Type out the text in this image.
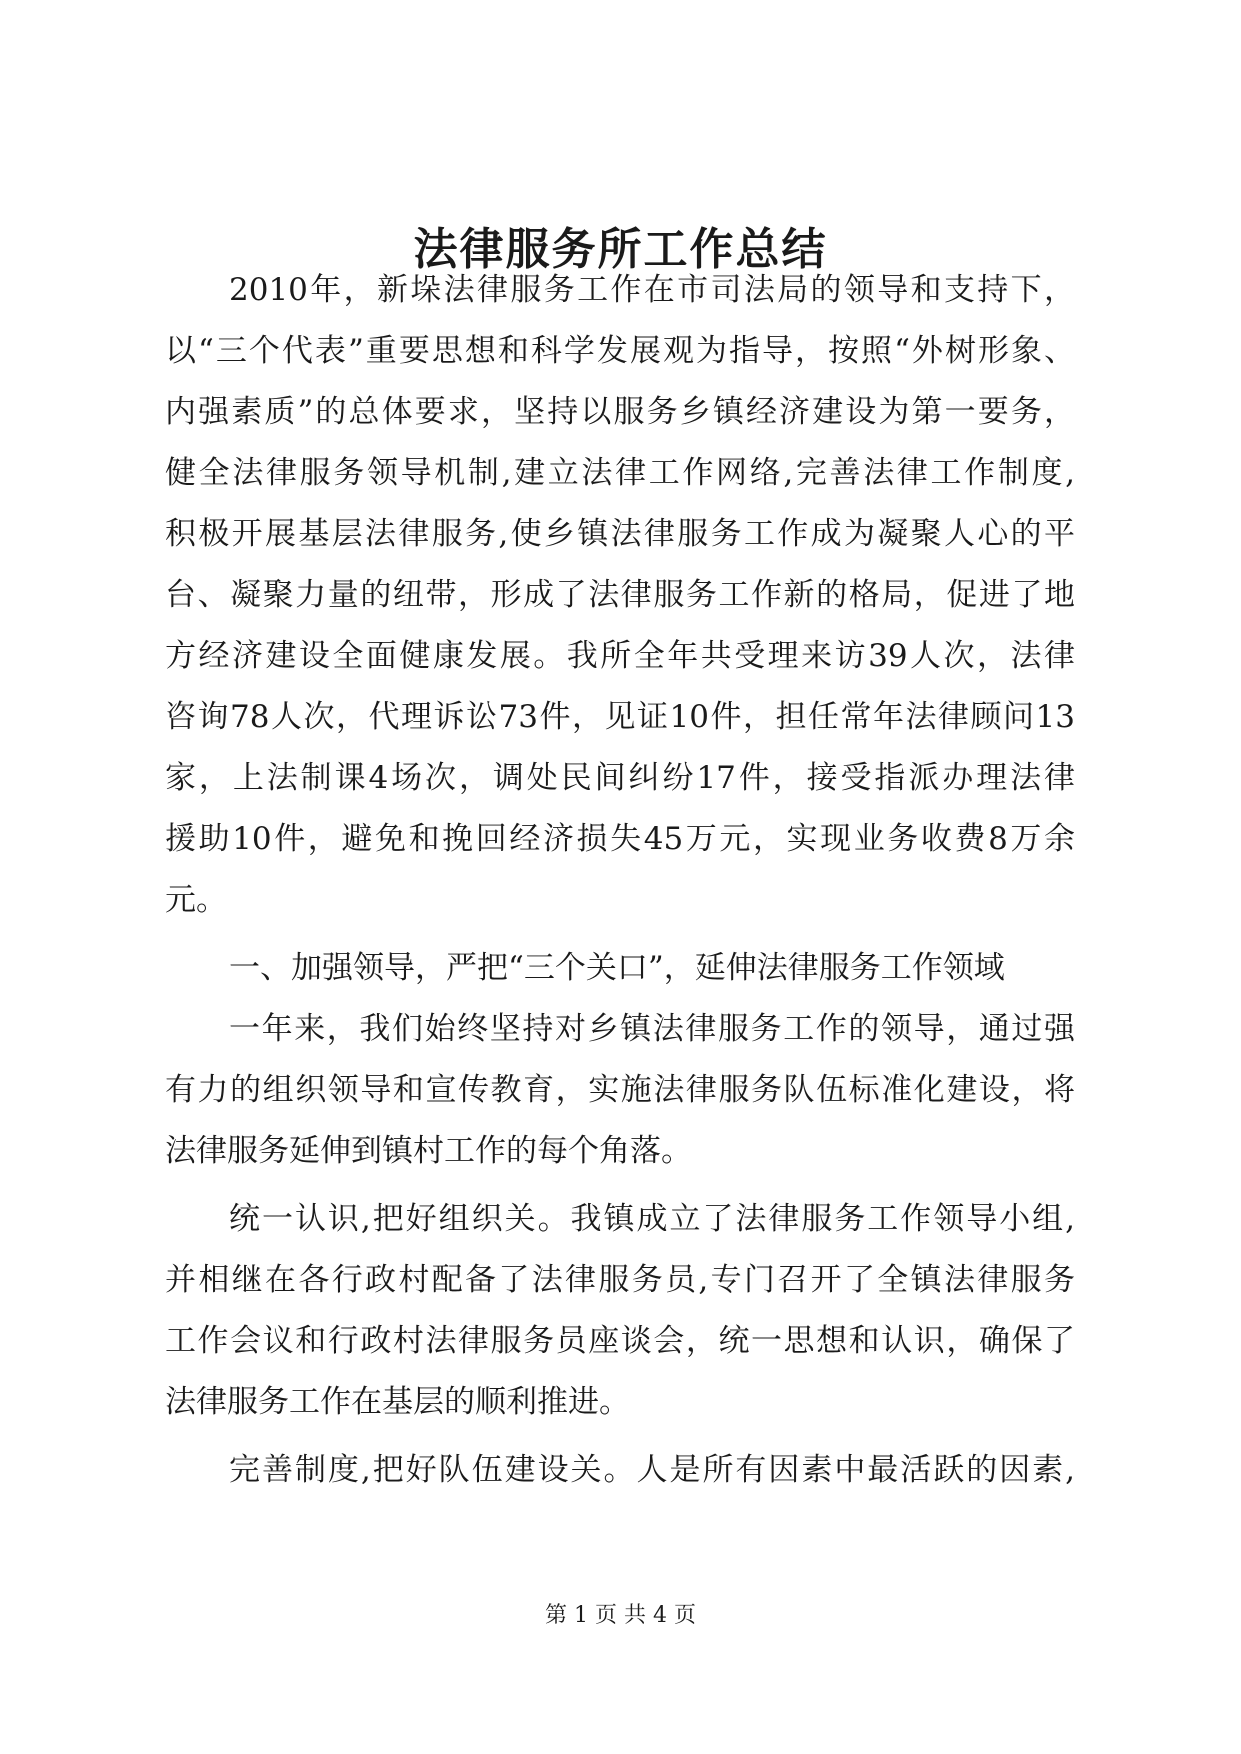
法律服务所工作总结
2010年，新垛法律服务工作在市司法局的领导和支持下，
以“三个代表”重要思想和科学发展观为指导，按照“外树形象、
内强素质”的总体要求，坚持以服务乡镇经济建设为第一要务，
健全法律服务领导机制,建立法律工作网络,完善法律工作制度,
积极开展基层法律服务,使乡镇法律服务工作成为凝聚人心的平
台、凝聚力量的纽带，形成了法律服务工作新的格局，促进了地
方经济建设全面健康发展。我所全年共受理来访39人次，法律
咨询78人次，代理诉讼73件，见证10件，担任常年法律顾问13
家，上法制课4场次，调处民间纠纷17件，接受指派办理法律
援助10件，避免和挽回经济损失45万元，实现业务收费8万余
元。
一、加强领导，严把“三个关口”，延伸法律服务工作领域
一年来，我们始终坚持对乡镇法律服务工作的领导，通过强
有力的组织领导和宣传教育，实施法律服务队伍标准化建设，将
法律服务延伸到镇村工作的每个角落。
统一认识,把好组织关。我镇成立了法律服务工作领导小组,
并相继在各行政村配备了法律服务员,专门召开了全镇法律服务
工作会议和行政村法律服务员座谈会，统一思想和认识，确保了
法律服务工作在基层的顺利推进。
完善制度,把好队伍建设关。人是所有因素中最活跃的因素,
第 1 页 共 4 页
